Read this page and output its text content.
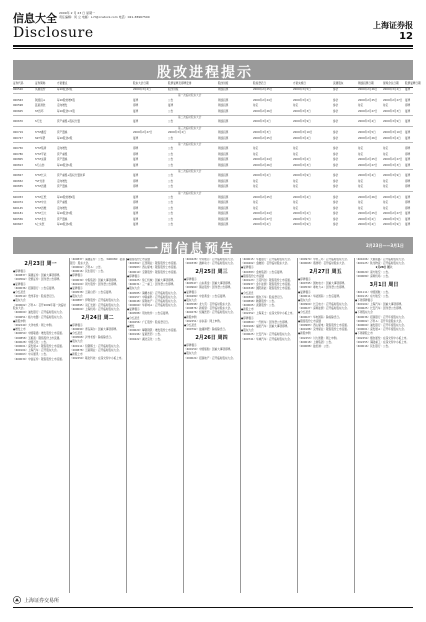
信息大全 2009年 2 月 23 日 星期一
责任编辑：何 立 电邮：L.H@cnstock.com 电话：021-38967500
Disclosure	上海证券报
12
股改进程提示
证券代码	证券简称	方案要点	股东大会日期	股票复牌及停牌安排	股改进度	股权登记日	方案实施日	流通股东	网络投票日期	现场会议日期 股票复牌日期
000520	凤凰股份	每10股送2股	2009年3月2日	股改进程	网络投票	2009年2月25日	2009年3月5日	参会	2009年2月26日 2009年3月2日 复牌
第一次临时股东大会
000563	陕国投Ａ	每10股转增3股	复牌	公告	网络投票	2009年2月24日	2009年3月2日	参会	2009年2月25日 2009年2月27日 复牌
000598	蓝星清洗	定向增发	停牌	复牌	网络投票	待定	待定	参会	待定	待定	停牌
000605	ST四环	每10股送1.5股	复牌	公告	网络投票	2009年2月26日	2009年3月3日	参会	2009年2月27日 2009年3月3日 复牌
第二次临时股东大会
000670	S天发	资产重组+股权分置	复牌	公告	网络投票	2009年3月2日	2009年3月9日	参会	2009年3月4日	2009年3月9日 复牌
第三次临时股东大会
000719	S*ST鑫安	资产置换	2009年2月27日	2009年3月2日	网络投票	2009年3月3日	2009年3月10日	参会	2009年3月5日	2009年3月10日 复牌
000727	SST华塑	每10股送2股	复牌	公告	网络投票	2009年2月25日	2009年3月4日	参会	2009年2月26日 2009年3月4日 复牌
第一次临时股东大会
000750	S*ST集琦	定向增发	停牌	公告	网络投票	待定	待定	参会	待定	待定	停牌
000780	S*ST平能	资产重组	停牌	公告	网络投票	待定	待定	参会	待定	待定	停牌
000805	S*ST炎黄	资产置换	复牌	公告	网络投票	2009年2月24日	2009年3月2日	参会	2009年2月25日 2009年2月27日 复牌
000813	S天山纺	每10股送1股	复牌	公告	网络投票	2009年2月26日	2009年3月3日	参会	2009年2月27日 2009年3月3日 复牌
第二次临时股东大会
000827	S*ST长兴	资产重组+股权分置改革	复牌	公告	网络投票	2009年3月2日	2009年3月9日	参会	2009年3月4日	2009年3月9日 复牌
000832	*ST龙涤	定向增发	停牌	公告	网络投票	待定	待定	参会	待定	待定	停牌
000835	S*ST四通	资产置换	停牌	公告	网络投票	待定	待定	参会	待定	待定	停牌
第一次临时股东大会
600053	S*ST江纸	每10股转增2股	复牌	公告	网络投票	2009年2月25日	2009年3月4日	参会	2009年2月26日 2009年3月4日 复牌
600074	S*ST中达	资产重组	停牌	公告	网络投票	待定	待定	参会	待定	待定	停牌
600145	S*ST四维	定向增发	停牌	公告	网络投票	待定	待定	参会	待定	待定	停牌
600181	S*ST云大	每10股送3股	复牌	公告	网络投票	2009年2月24日	2009年3月2日	参会	2009年2月25日 2009年2月27日 复牌
600556	S*ST北生	资产置换	复牌	公告	网络投票	2009年2月27日	2009年3月5日	参会	2009年3月2日	2009年3月5日 复牌
600607	S上实医	每10股送2股	复牌	公告	网络投票	2009年3月2日	2009年3月9日	参会	2009年3月4日	2009年3月9日 复牌
一周信息预告	2月23日——3月1日
2月23日 周一

●停牌提示

（600837）海通证券：因重大事项停牌。

（000562）宏源证券：因刊登公告停牌。

●复牌提示

（600036）招商银行：公告后复牌。

●分红派息

（600519）贵州茅台：股权登记日。

●股东大会

（000002）万科Ａ：召开2009年第一次临时股东大会。

（600000）浦发银行：召开临时股东大会。

（000651）格力电器：召开临时股东大会。

●新股申购

（002249）大洋电机：网上申购。

●增发上市

（600050）中国联通：增发股份上市流通。

（000858）五粮液：限售股份上市流通。

（600028）中国石化：公告。

（000001）深发展Ａ：限售股份上市流通。

（600104）上海汽车：召开股东大会。

（000063）中兴通讯：公告。

（600030）中信证券：限售股份上市流通。

（600837）海通证券：公告。（600036）招商银行：股东大会。

（000002）万科Ａ：公告。

（600016）民生银行：公告。

●停牌提示

（000039）中集集团：因重大事项停牌。

（600100）同方股份：因刊登公告停牌。

●复牌提示

（000538）云南白药：公告后复牌。

●股东大会

（600887）伊利股份：召开临时股东大会。

（000895）双汇发展：召开临时股东大会。

（600009）上海机场：召开临时股东大会。

2月24日 周二

●停牌提示

（600690）青岛海尔：因重大事项停牌。

●分红派息

（000568）泸州老窖：除权除息日。

●股东大会

（600111）包钢稀土：召开临时股东大会。

（000878）云南铜业：召开临时股东大会。

●新股上市

（002250）联化科技：在深交所中小板上市。

●限售股份上市流通

（600362）江西铜业：限售股份上市流通。

（000983）西山煤电：限售股份上市流通。

（600019）宝钢股份：限售股份上市流通。

●停牌提示

（000425）徐工机械：因重大事项停牌。

（600031）三一重工：因刊登公告停牌。

●股东大会

（600585）海螺水泥：召开临时股东大会。

（000157）中联重科：召开临时股东大会。

（600048）保利地产：召开临时股东大会。

（000069）华侨城Ａ：召开临时股东大会。

●复牌提示

（600588）用友软件：公告后复牌。

●分红派息

（600256）广汇股份：股权登记日。

●增发

（000629）攀钢钢钒：增发股份上市流通。

（600196）复星医药：公告。

（000422）湖北宜化：公告。

（600428）中远航运：召开临时股东大会。

（000338）潍柴动力：召开临时股东大会。

2月25日 周三

●停牌提示

（600547）山东黄金：因重大事项停牌。

（000960）锡业股份：因刊登公告停牌。

●复牌提示

（600489）中金黄金：公告后复牌。

●股东大会

（600598）北大荒：召开临时股东大会。

（000876）新希望：召开临时股东大会。

（600276）恒瑞医药：召开临时股东大会。

●新股申购

（002251）步步高：网上申购。

●分红派息

（000792）盐湖钾肥：除权除息日。

2月26日 周四

●停牌提示

（600150）中国船舶：因重大事项停牌。

●股东大会

（000024）招商地产：召开临时股东大会。

（600015）华夏银行：召开临时股东大会。

（000402）金融街：召开临时股东大会。

●复牌提示

（600383）金地集团：公告后复牌。

●限售股份上市流通

（600123）兰花科创：限售股份上市流通。

（000937）金牛能源：限售股份上市流通。

（600348）国阳新能：限售股份上市流通。

●分红派息

（600309）烟台万华：股权登记日。

（000898）鞍钢股份：公告。

（600005）武钢股份：公告。

●新股上市

（002252）上海莱士：在深交所中小板上市。

●停牌提示

（000800）一汽轿车：因刊登公告停牌。

（600166）福田汽车：因重大事项停牌。

●股东大会

（000625）长安汽车：召开临时股东大会。

（600741）华域汽车：召开临时股东大会。

（000970）中科三环：召开临时股东大会。

（600068）葛洲坝：召开临时股东大会。

2月27日 周五

●停牌提示

（600795）国电电力：因重大事项停牌。

（000539）粤电力Ａ：因刊登公告停牌。

●复牌提示

（600011）华能国际：公告后复牌。

●股东大会

（600900）长江电力：召开临时股东大会。

（000027）深圳能源：召开临时股东大会。

●分红派息

（600027）华电国际：除权除息日。

●限售股份上市流通

（000983）西山煤电：限售股份上市流通。

（600188）兖州煤业：限售股份上市流通。

●新股申购

（002253）川大智胜：网上申购。

（600018）上港集团：公告。

（000088）盐田港：公告。

（601006）大秦铁路：召开临时股东大会。

（600125）铁龙物流：召开临时股东大会。

2月28日 周六

（600029）南方航空：公告。

（000089）深圳机场：公告。

3月1日 周日

（601111）中国国航：公告。

（600115）东方航空：公告。

●下周停牌提示

（600104）上海汽车：因重大事项停牌。

（000625）长安汽车：因刊登公告停牌。

●下周股东大会

（600036）招商银行：召开年度股东大会。

（000002）万科Ａ：召开年度股东大会。

（600000）浦发银行：召开年度股东大会。

（000001）深发展Ａ：召开年度股东大会。

●下周新股上市

（002254）烟台氨纶：在深交所中小板上市。

（002255）海陆重工：在深交所中小板上市。

（600016）民生银行：公告。

上海证券交易所
